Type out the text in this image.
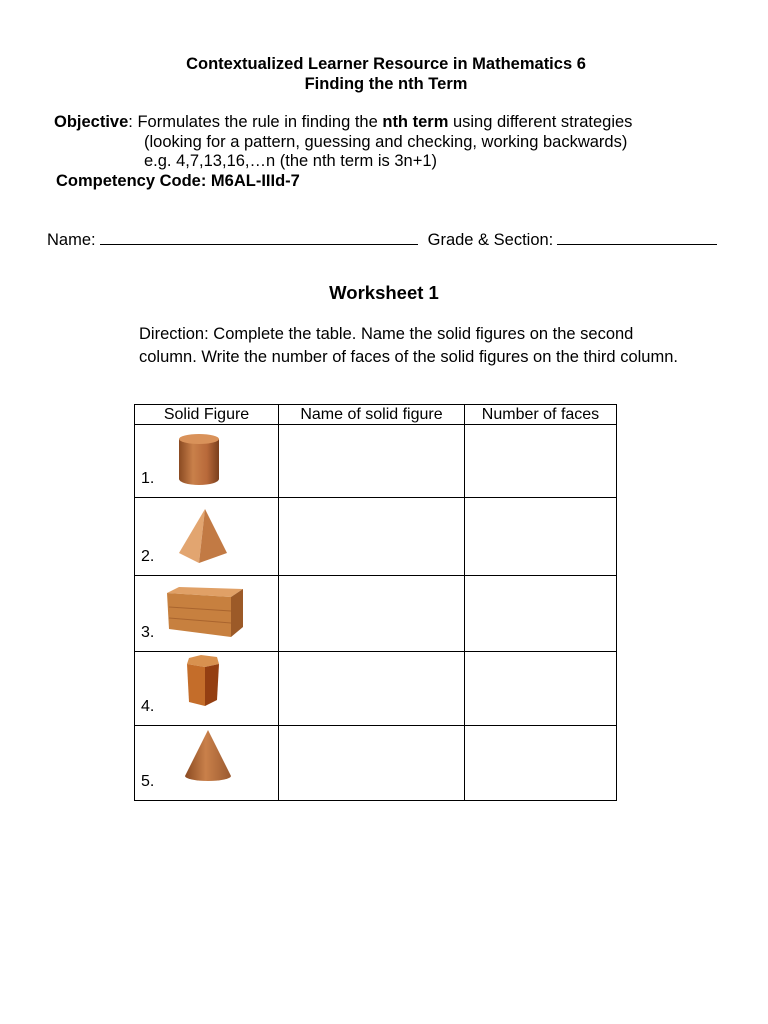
Contextualized Learner Resource in Mathematics 6
Finding the nth Term
Objective: Formulates the rule in finding the nth term using different strategies
(looking for a pattern, guessing and checking, working backwards)
e.g. 4,7,13,16,…n (the nth term is 3n+1)
Competency Code: M6AL-IIId-7
Name:	Grade & Section:
Worksheet 1
Direction: Complete the table. Name the solid figures on the second column. Write the number of faces of the solid figures on the third column.
Solid Figure	Name of solid figure	Number of faces

1.		

2.		

3.		

4.		

5.		
